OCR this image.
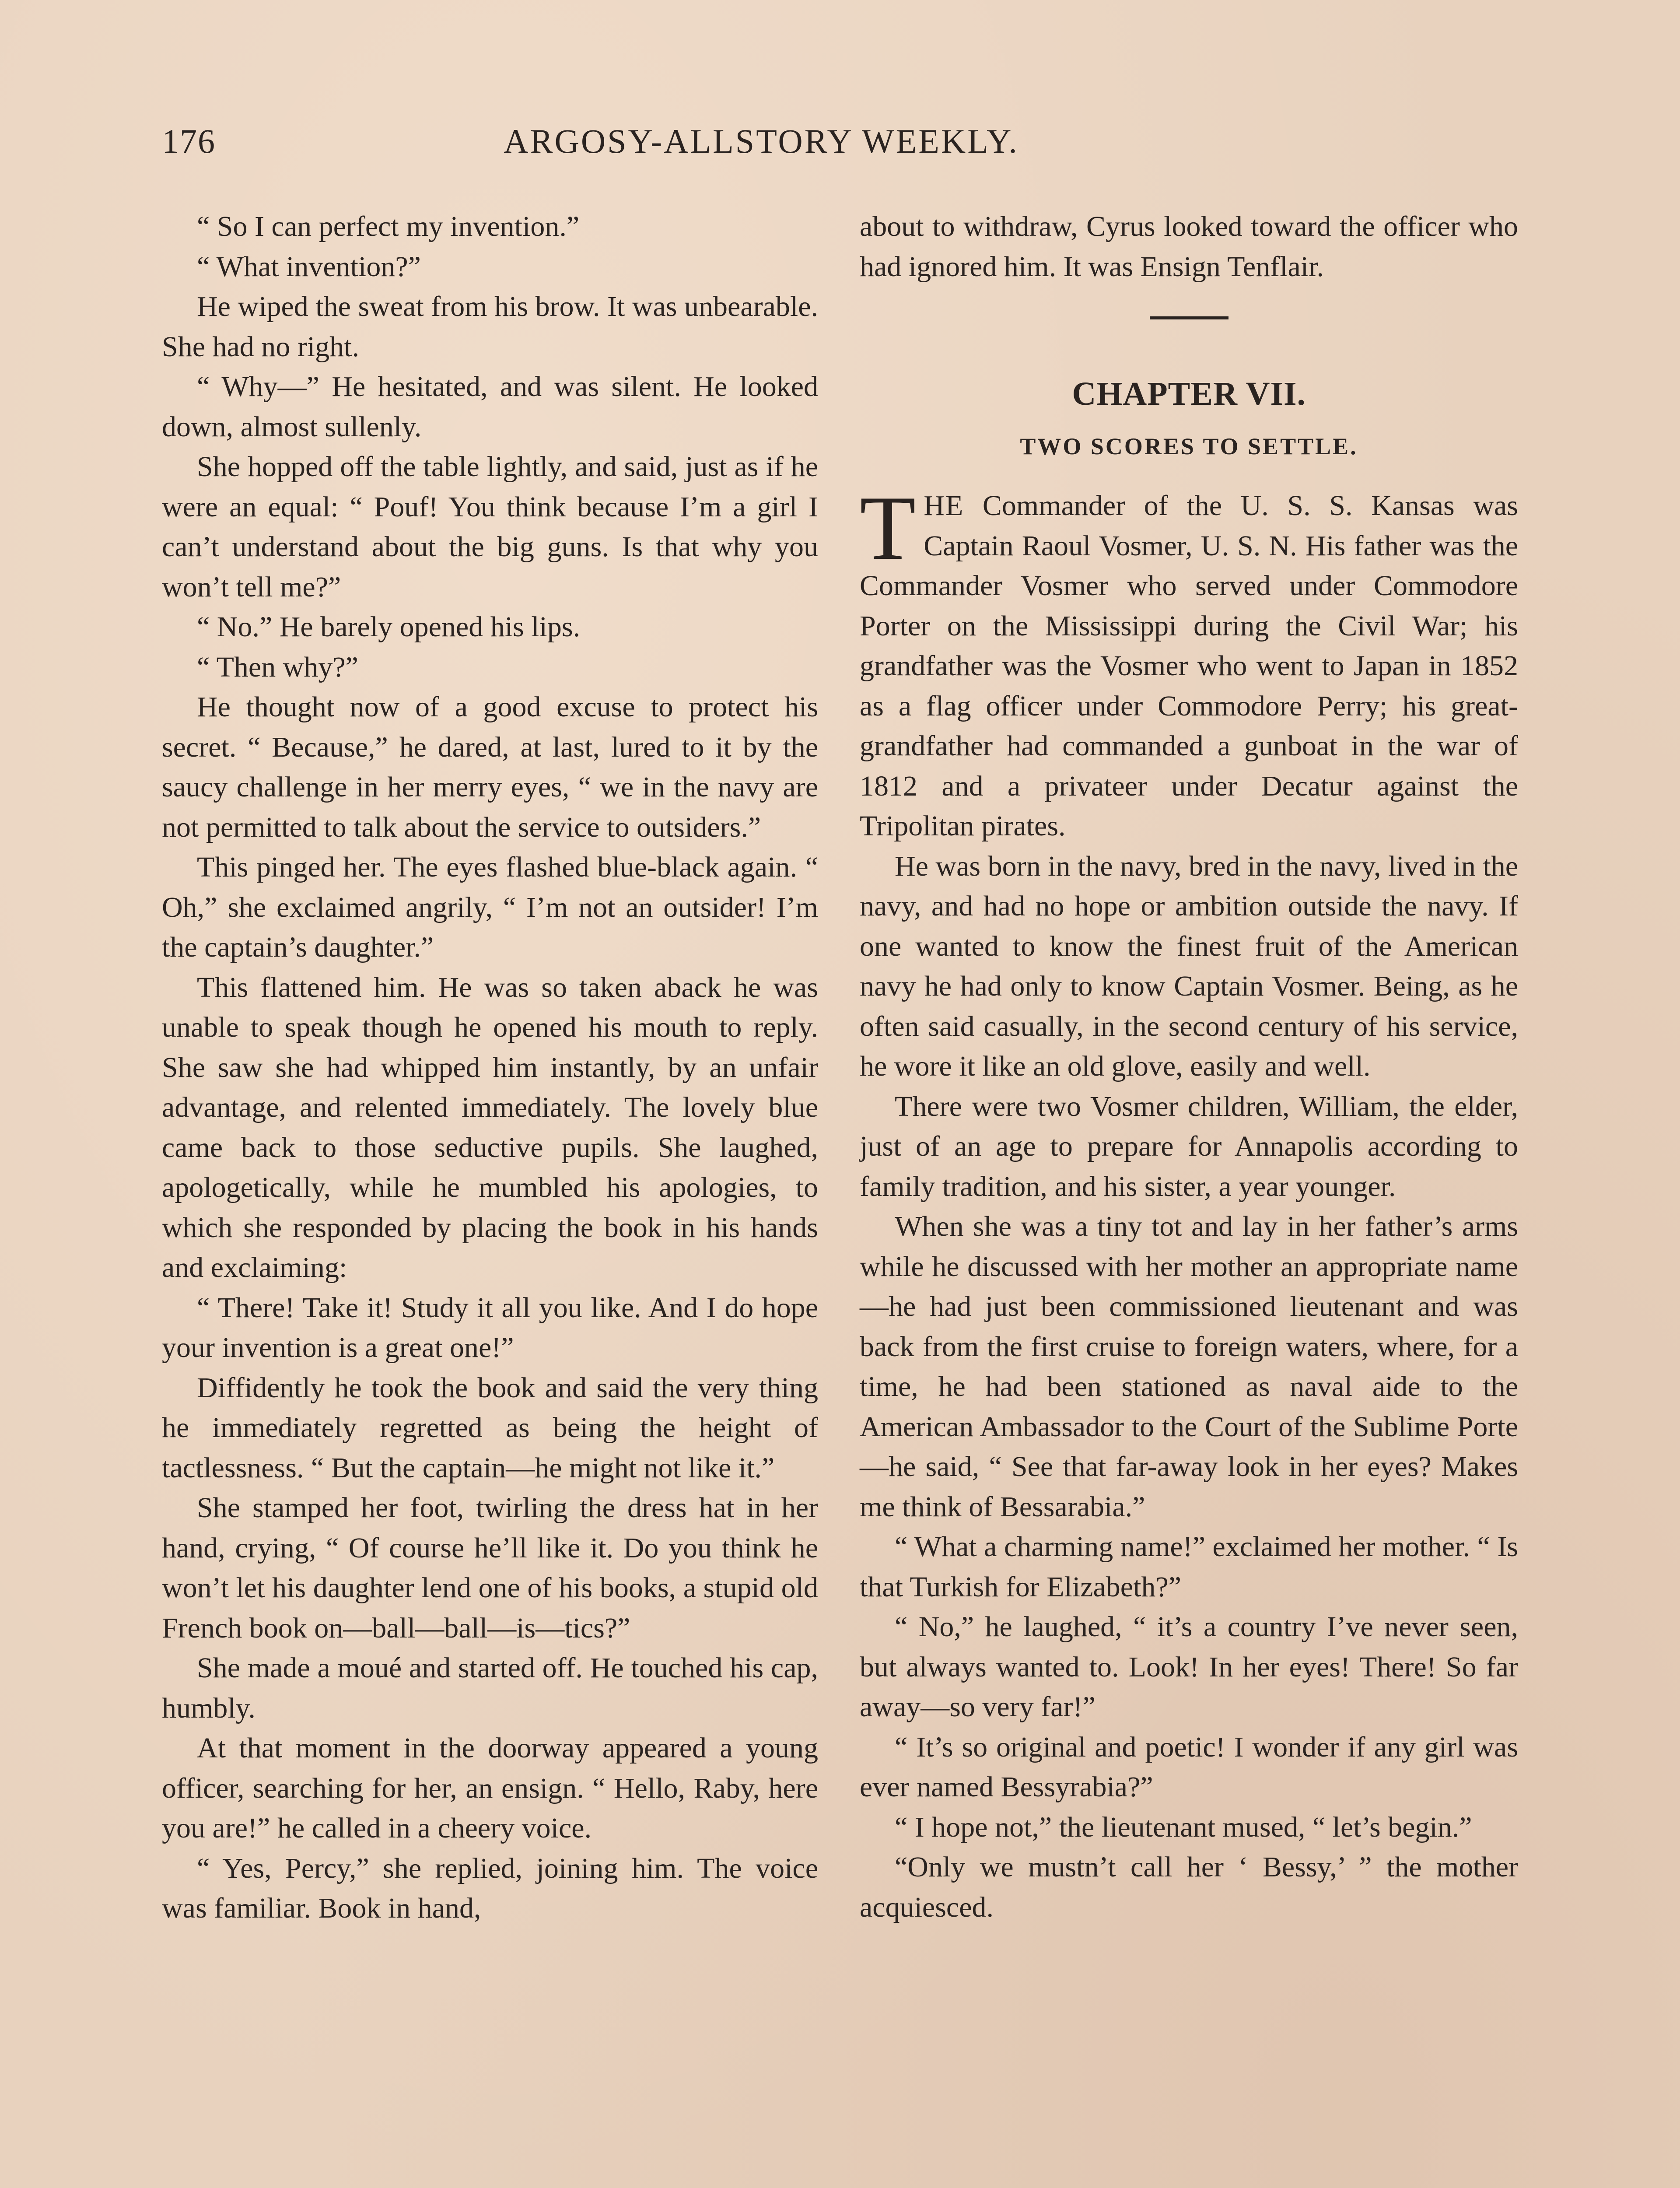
176	ARGOSY-ALLSTORY WEEKLY.

“ So I can perfect my invention.”

“ What invention?”

He wiped the sweat from his brow. It was unbearable. She had no right.

“ Why—” He hesitated, and was silent. He looked down, almost sullenly.

She hopped off the table lightly, and said, just as if he were an equal: “ Pouf! You think because I’m a girl I can’t understand about the big guns. Is that why you won’t tell me?”

“ No.” He barely opened his lips.

“ Then why?”

He thought now of a good excuse to protect his secret. “ Because,” he dared, at last, lured to it by the saucy challenge in her merry eyes, “ we in the navy are not permitted to talk about the service to outsiders.”

This pinged her. The eyes flashed blue-black again. “ Oh,” she exclaimed angrily, “ I’m not an outsider! I’m the captain’s daughter.”

This flattened him. He was so taken aback he was unable to speak though he opened his mouth to reply. She saw she had whipped him instantly, by an unfair advantage, and relented immediately. The lovely blue came back to those seductive pupils. She laughed, apologetically, while he mumbled his apologies, to which she responded by placing the book in his hands and exclaiming:

“ There! Take it! Study it all you like. And I do hope your invention is a great one!”

Diffidently he took the book and said the very thing he immediately regretted as being the height of tactlessness. “ But the captain—he might not like it.”

She stamped her foot, twirling the dress hat in her hand, crying, “ Of course he’ll like it. Do you think he won’t let his daughter lend one of his books, a stupid old French book on—ball—ball—is—tics?”

She made a moué and started off. He touched his cap, humbly.

At that moment in the doorway appeared a young officer, searching for her, an ensign. “ Hello, Raby, here you are!” he called in a cheery voice.

“ Yes, Percy,” she replied, joining him. The voice was familiar. Book in hand,

about to withdraw, Cyrus looked toward the officer who had ignored him. It was Ensign Tenflair.

CHAPTER VII.
TWO SCORES TO SETTLE.

THE Commander of the U. S. S. Kansas was Captain Raoul Vosmer, U. S. N. His father was the Commander Vosmer who served under Commodore Porter on the Mississippi during the Civil War; his grandfather was the Vosmer who went to Japan in 1852 as a flag officer under Commodore Perry; his great-grandfather had commanded a gunboat in the war of 1812 and a privateer under Decatur against the Tripolitan pirates.

He was born in the navy, bred in the navy, lived in the navy, and had no hope or ambition outside the navy. If one wanted to know the finest fruit of the American navy he had only to know Captain Vosmer. Being, as he often said casually, in the second century of his service, he wore it like an old glove, easily and well.

There were two Vosmer children, William, the elder, just of an age to prepare for Annapolis according to family tradition, and his sister, a year younger.

When she was a tiny tot and lay in her father’s arms while he discussed with her mother an appropriate name—he had just been commissioned lieutenant and was back from the first cruise to foreign waters, where, for a time, he had been stationed as naval aide to the American Ambassador to the Court of the Sublime Porte—he said, “ See that far-away look in her eyes? Makes me think of Bessarabia.”

“ What a charming name!” exclaimed her mother. “ Is that Turkish for Elizabeth?”

“ No,” he laughed, “ it’s a country I’ve never seen, but always wanted to. Look! In her eyes! There! So far away—so very far!”

“ It’s so original and poetic! I wonder if any girl was ever named Bessyrabia?”

“ I hope not,” the lieutenant mused, “ let’s begin.”

“Only we mustn’t call her ‘ Bessy,’ ” the mother acquiesced.
